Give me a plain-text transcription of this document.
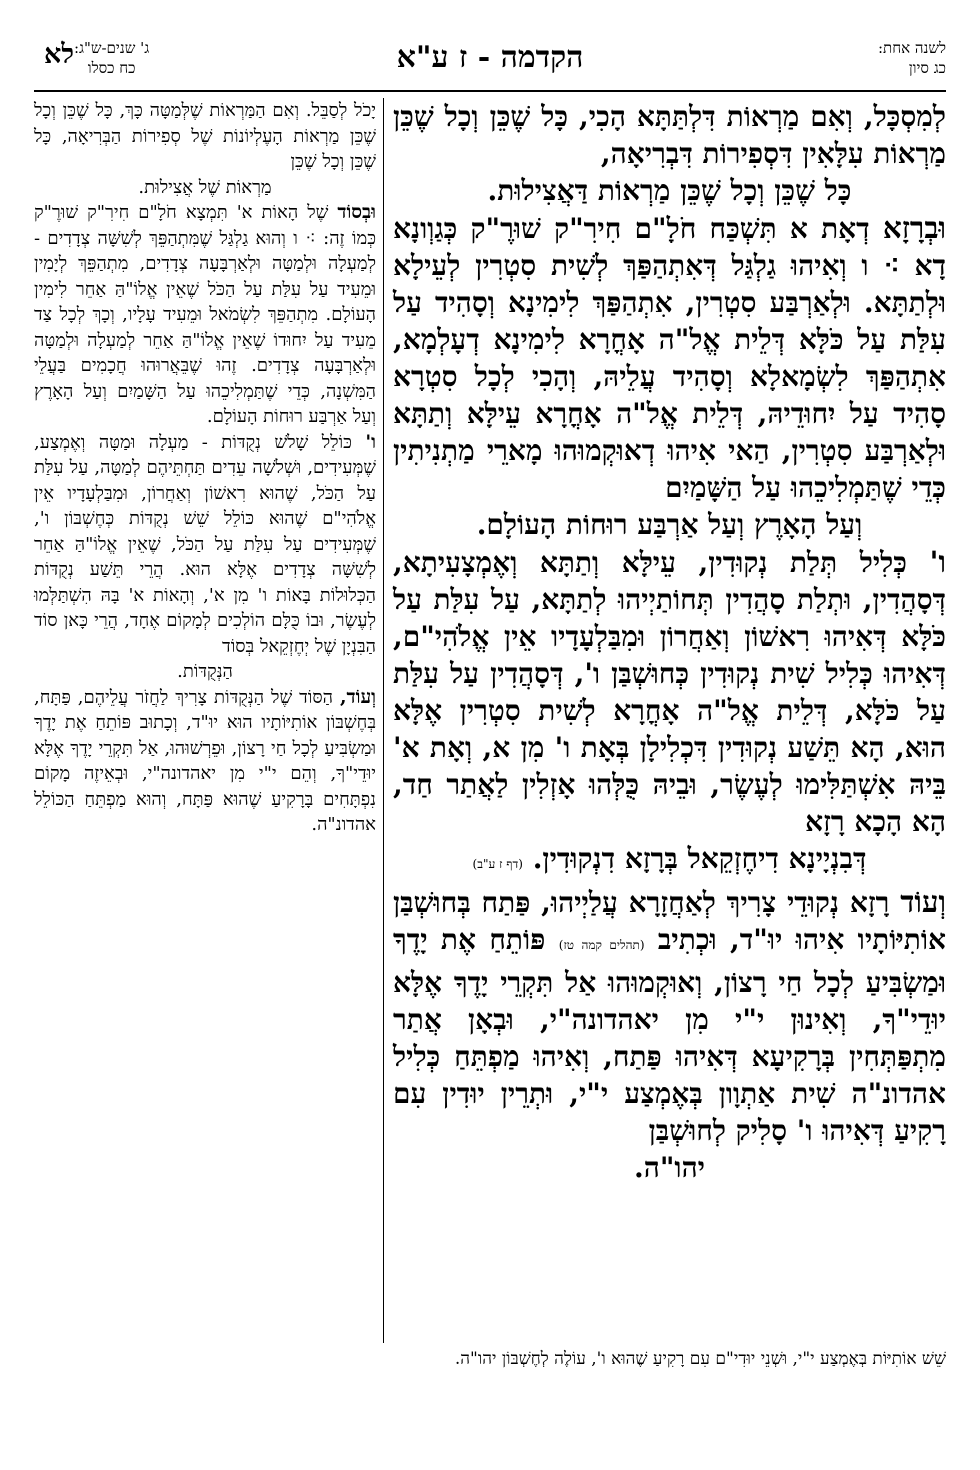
לשנה אחת:
כג סיון
הקדמה - ז ע"א
ג' שנים-ש"ג:
כח כסלו
לא

לְמִסְכָּל, וְאִם מַרְאוֹת דִּלְתַּתָּא הָכִי, כָּל שֶׁכֵּן וְכָל שֶׁכֵּן מַרְאוֹת עִלָּאִין דִּסְפִירוֹת דִּבְרִיאָה,

כָּל שֶׁכֵּן וְכָל שֶׁכֵּן מַרְאוֹת דַּאֲצִילוּת.

וּבְרָזָא דְאָת א תִּשְׁכַּח חֹלָ"ם חִירִ"ק שׁוּרֶ"ק כְּגַוְונָא דָא ⁖ ו וְאִיהוּ גַלְגַּל דְּאִתְהַפַּךְ לְשִׁית סִטְרִין לְעֵילָא וּלְתַתָּא. וּלְאַרְבַּע סִטְרִין, אִתְהַפַּךְ לִימִינָא וְסָהִיד עַל עִלַּת עַל כֹּלָּא דְּלֵית אֱל"ה אָחֳרָא לִימִינָא דְעָלְמָא, אִתְהַפַּךְ לִשְׂמָאלָא וְסָהִיד עֲלֵיהּ, וְהָכִי לְכָל סִטְרָא סָהִיד עַל יִחוּדֵיהּ, דְּלֵית אֱל"ה אָחֳרָא עֵילָּא וְתַתָּא וּלְאַרְבַּע סִטְרִין, הַאי אִיהוּ דְאוּקְמוּהוּ מָארֵי מַתְנִיתִין כְּדֵי שֶׁתַּמְלִיכֵהוּ עַל הַשָּׁמַיִם

וְעַל הָאָרֶץ וְעַל אַרְבַּע רוּחוֹת הָעוֹלָם.

ו' כְּלִיל תְּלַת נְקוּדִין, עֵילָּא וְתַתָּא וְאֶמְצָעִיתָא, דְּסָהֲדִין, וּתְלַת סָהֲדִין תְּחוֹתַיְיהוּ לְתַתָּא, עַל עִלַּת עַל כֹּלָּא דְּאִיהוּ רִאשׁוֹן וְאַחֲרוֹן וּמִבַּלְעָדָיו אֵין אֱלֹהִי"ם, דְּאִיהוּ כְּלִיל שִׁית נְקוּדִין כְּחוּשְׁבַּן ו', דְּסָהֲדִין עַל עִלַּת עַל כֹּלָּא, דְּלֵית אֱל"ה אָחֳרָא לְשִׁית סִטְרִין אֶלָּא הוּא, הָא תֵּשַׁע נְקוּדִין דִּכְלִילָן בְּאָת ו' מִן א, וְאָת א' בֵּיהּ אִשְׁתַּלִּימוּ לְעֶשֶׂר, וּבֵיהּ כֻּלְּהוּ אָזְלִין לַאֲתַר חַד, הָא הָכָא רָזָא

דְּבִנְיָינָא דִיחֶזְקֵאל בְּרָזָא דִנְקוּדִין. (דף ז ע"ב)

וְעוֹד רָזָא נְקוּדֵי צָרִיךְ לְאַחֲזָרָא עֲלַיְיהוּ, פַּתַח בְּחוּשְׁבַּן אוֹתִיּוֹתָיו אִיהוּ יוּ"ד, וּכְתִיב (תהלים קמה טז) פּוֹתֵחַ אֶת יָדֶךָ וּמַשְׂבִּיעַ לְכָל חַי רָצוֹן, וְאוּקְמוּהוּ אַל תִּקְרֵי יָדֶךָ אֶלָּא יוּדֵי"ךָ, וְאִינוּן י"י מִן יאהדונה"י, וּבְאָן אֲתַר מִתְפַּתְּחִין בְּרָקִיעָא דְּאִיהוּ פַּתַח, וְאִיהוּ מַפְתֵּחַ כְּלִיל אהדונ"ה שִׁית אַתְוָון בְּאֶמְצַע י"י, וּתְרֵין יוּדִין עִם רָקִיעַ דְּאִיהוּ ו' סָלִיק לְחוּשְׁבַּן

יהו"ה.

יָכֹל לְסַבֵּל. וְאִם הַמַּרְאוֹת שֶׁלְּמַטָּה כָּךְ, כָּל שֶׁכֵּן וְכָל שֶׁכֵּן מַרְאוֹת הָעֶלְיוֹנוֹת שֶׁל סְפִירוֹת הַבְּרִיאָה, כָּל שֶׁכֵּן וְכָל שֶׁכֵּן

מַרְאוֹת שֶׁל אֲצִילוּת.

וּבְסוֹד שֶׁל הָאוֹת א' תִּמְצָא חֹלָ"ם חִירִ"ק שׁוּרֶ"ק כְּמוֹ זֶה: ⁖ ו וְהוּא גַלְגַּל שֶׁמִּתְהַפֵּךְ לְשִׁשָּׁה צְדָדִים - לְמַעְלָה וּלְמַטָּה וּלְאַרְבָּעָה צְדָדִים, מִתְהַפֵּךְ לְיָמִין וּמֵעִיד עַל עִלַּת עַל הַכֹּל שֶׁאֵין אֱלוֹ"הַּ אַחֵר לִימִין הָעוֹלָם. מִתְהַפֵּךְ לִשְׂמֹאל וּמֵעִיד עָלָיו, וְכָךְ לְכָל צַד מֵעִיד עַל יִחוּדוֹ שֶׁאֵין אֱלוֹ"הַּ אַחֵר לְמַעְלָה וּלְמַטָּה וּלְאַרְבָּעָה צְדָדִים. זֶהוּ שֶׁבֵּאֲרוּהוּ חֲכָמִים בַּעֲלֵי הַמִּשְׁנָה, כְּדֵי שֶׁתַּמְלִיכֵהוּ עַל הַשָּׁמַיִם וְעַל הָאָרֶץ וְעַל אַרְבַּע רוּחוֹת הָעוֹלָם.

ו' כּוֹלֵל שָׁלֹשׁ נְקֻדּוֹת - מַעְלָה וּמַטָּה וְאֶמְצַע, שֶׁמְּעִידִים, וּשְׁלֹשָׁה עֵדִים תַּחְתֵּיהֶם לְמַטָּה, עַל עִלַּת עַל הַכֹּל, שֶׁהוּא רִאשׁוֹן וְאַחֲרוֹן, וּמִבַּלְעָדָיו אֵין אֱלֹהִי"ם שֶׁהוּא כּוֹלֵל שֵׁשׁ נְקֻדּוֹת כְּחֶשְׁבּוֹן ו', שֶׁמְּעִידִים עַל עִלַּת עַל הַכֹּל, שֶׁאֵין אֱלוֹ"הַּ אַחֵר לְשִׁשָּׁה צְדָדִים אֶלָּא הוּא. הֲרֵי תֵּשַׁע נְקֻדּוֹת הַכְּלוּלוֹת בָּאוֹת ו' מִן א', וְהָאוֹת א' בָּהּ הִשְׁתַּלְּמוּ לְעֶשֶׂר, וּבוֹ כֻּלָּם הוֹלְכִים לְמָקוֹם אֶחָד, הֲרֵי כָּאן סוֹד הַבִּנְיָן שֶׁל יְחֶזְקֵאל בְּסוֹד

הַנְּקֻדּוֹת.

וְעוֹד, הַסּוֹד שֶׁל הַנְּקֻדּוֹת צָרִיךְ לַחֲזֹר עֲלֵיהֶם, פַּתָּח, בְּחֶשְׁבּוֹן אוֹתִיּוֹתָיו הוּא יוּ"ד, וְכָתוּב פּוֹתֵחַ אֶת יָדֶךָ וּמַשְׂבִּיעַ לְכָל חַי רָצוֹן, וּפֵרְשׁוּהוּ, אַל תִּקְרֵי יָדֶךָ אֶלָּא יוּדֵי"ךָ, וְהֵם י"י מִן יאהדונה"י, וּבְאֵיזֶה מָקוֹם נִפְתָּחִים בָּרָקִיעַ שֶׁהוּא פַּתָּח, וְהוּא מַפְתֵּחַ הַכּוֹלֵל אהדונ"ה.

שֵׁשׁ אוֹתִיּוֹת בְּאֶמְצַע י"י, וּשְׁנֵי יוּדִי"ם עִם רָקִיעַ שֶׁהוּא ו', עוֹלֶה לְחֶשְׁבּוֹן יהו"ה.
